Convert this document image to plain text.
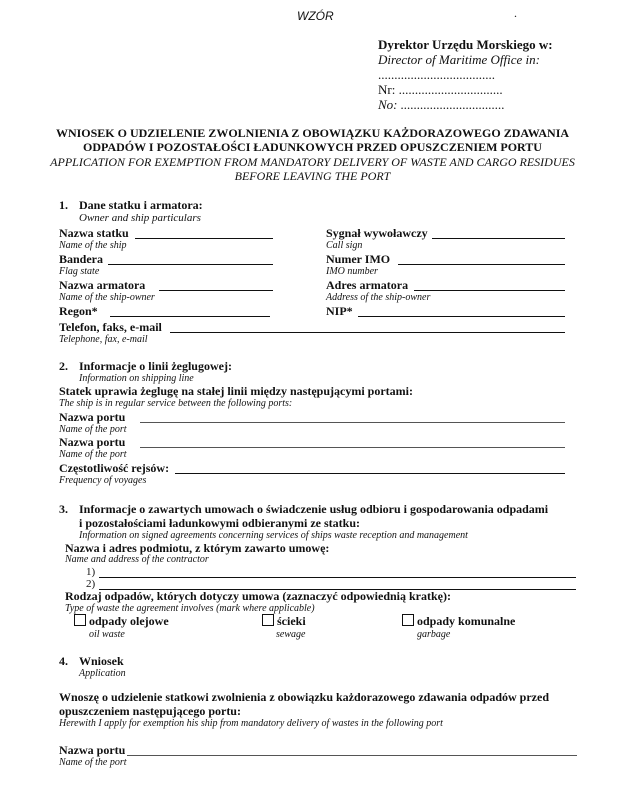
WZÓR	.
Dyrektor Urzędu Morskiego w:
Director of Maritime Office in:
....................................
Nr: ................................
No: ................................
WNIOSEK O UDZIELENIE ZWOLNIENIA Z OBOWIĄZKU KAŻDORAZOWEGO ZDAWANIA
ODPADÓW I POZOSTAŁOŚCI ŁADUNKOWYCH PRZED OPUSZCZENIEM PORTU
APPLICATION FOR EXEMPTION FROM MANDATORY DELIVERY OF WASTE AND CARGO RESIDUES
BEFORE LEAVING THE PORT
1. Dane statku i armatora:
Owner and ship particulars
Nazwa statku
Name of the ship
Sygnał wywoławczy
Call sign
Bandera
Flag state
Numer IMO
IMO number
Nazwa armatora
Name of the ship-owner
Adres armatora
Address of the ship-owner
Regon*	NIP*
Telefon, faks, e-mail
Telephone, fax, e-mail
2. Informacje o linii żeglugowej:
Information on shipping line
Statek uprawia żeglugę na stałej linii między następującymi portami:
The ship is in regular service between the following ports:
Nazwa portu
Name of the port
Nazwa portu
Name of the port
Częstotliwość rejsów:
Frequency of voyages
3. Informacje o zawartych umowach o świadczenie usług odbioru i gospodarowania odpadami
i pozostałościami ładunkowymi odbieranymi ze statku:
Information on signed agreements concerning services of ships waste reception and management
Nazwa i adres podmiotu, z którym zawarto umowę:
Name and address of the contractor
1)
2)
Rodzaj odpadów, których dotyczy umowa (zaznaczyć odpowiednią kratkę):
Type of waste the agreement involves (mark where applicable)
odpady olejowe
oil waste
ścieki
sewage
odpady komunalne
garbage
4. Wniosek
Application
Wnoszę o udzielenie statkowi zwolnienia z obowiązku każdorazowego zdawania odpadów przed
opuszczeniem następującego portu:
Herewith I apply for exemption his ship from mandatory delivery of wastes in the following port
Nazwa portu
Name of the port
